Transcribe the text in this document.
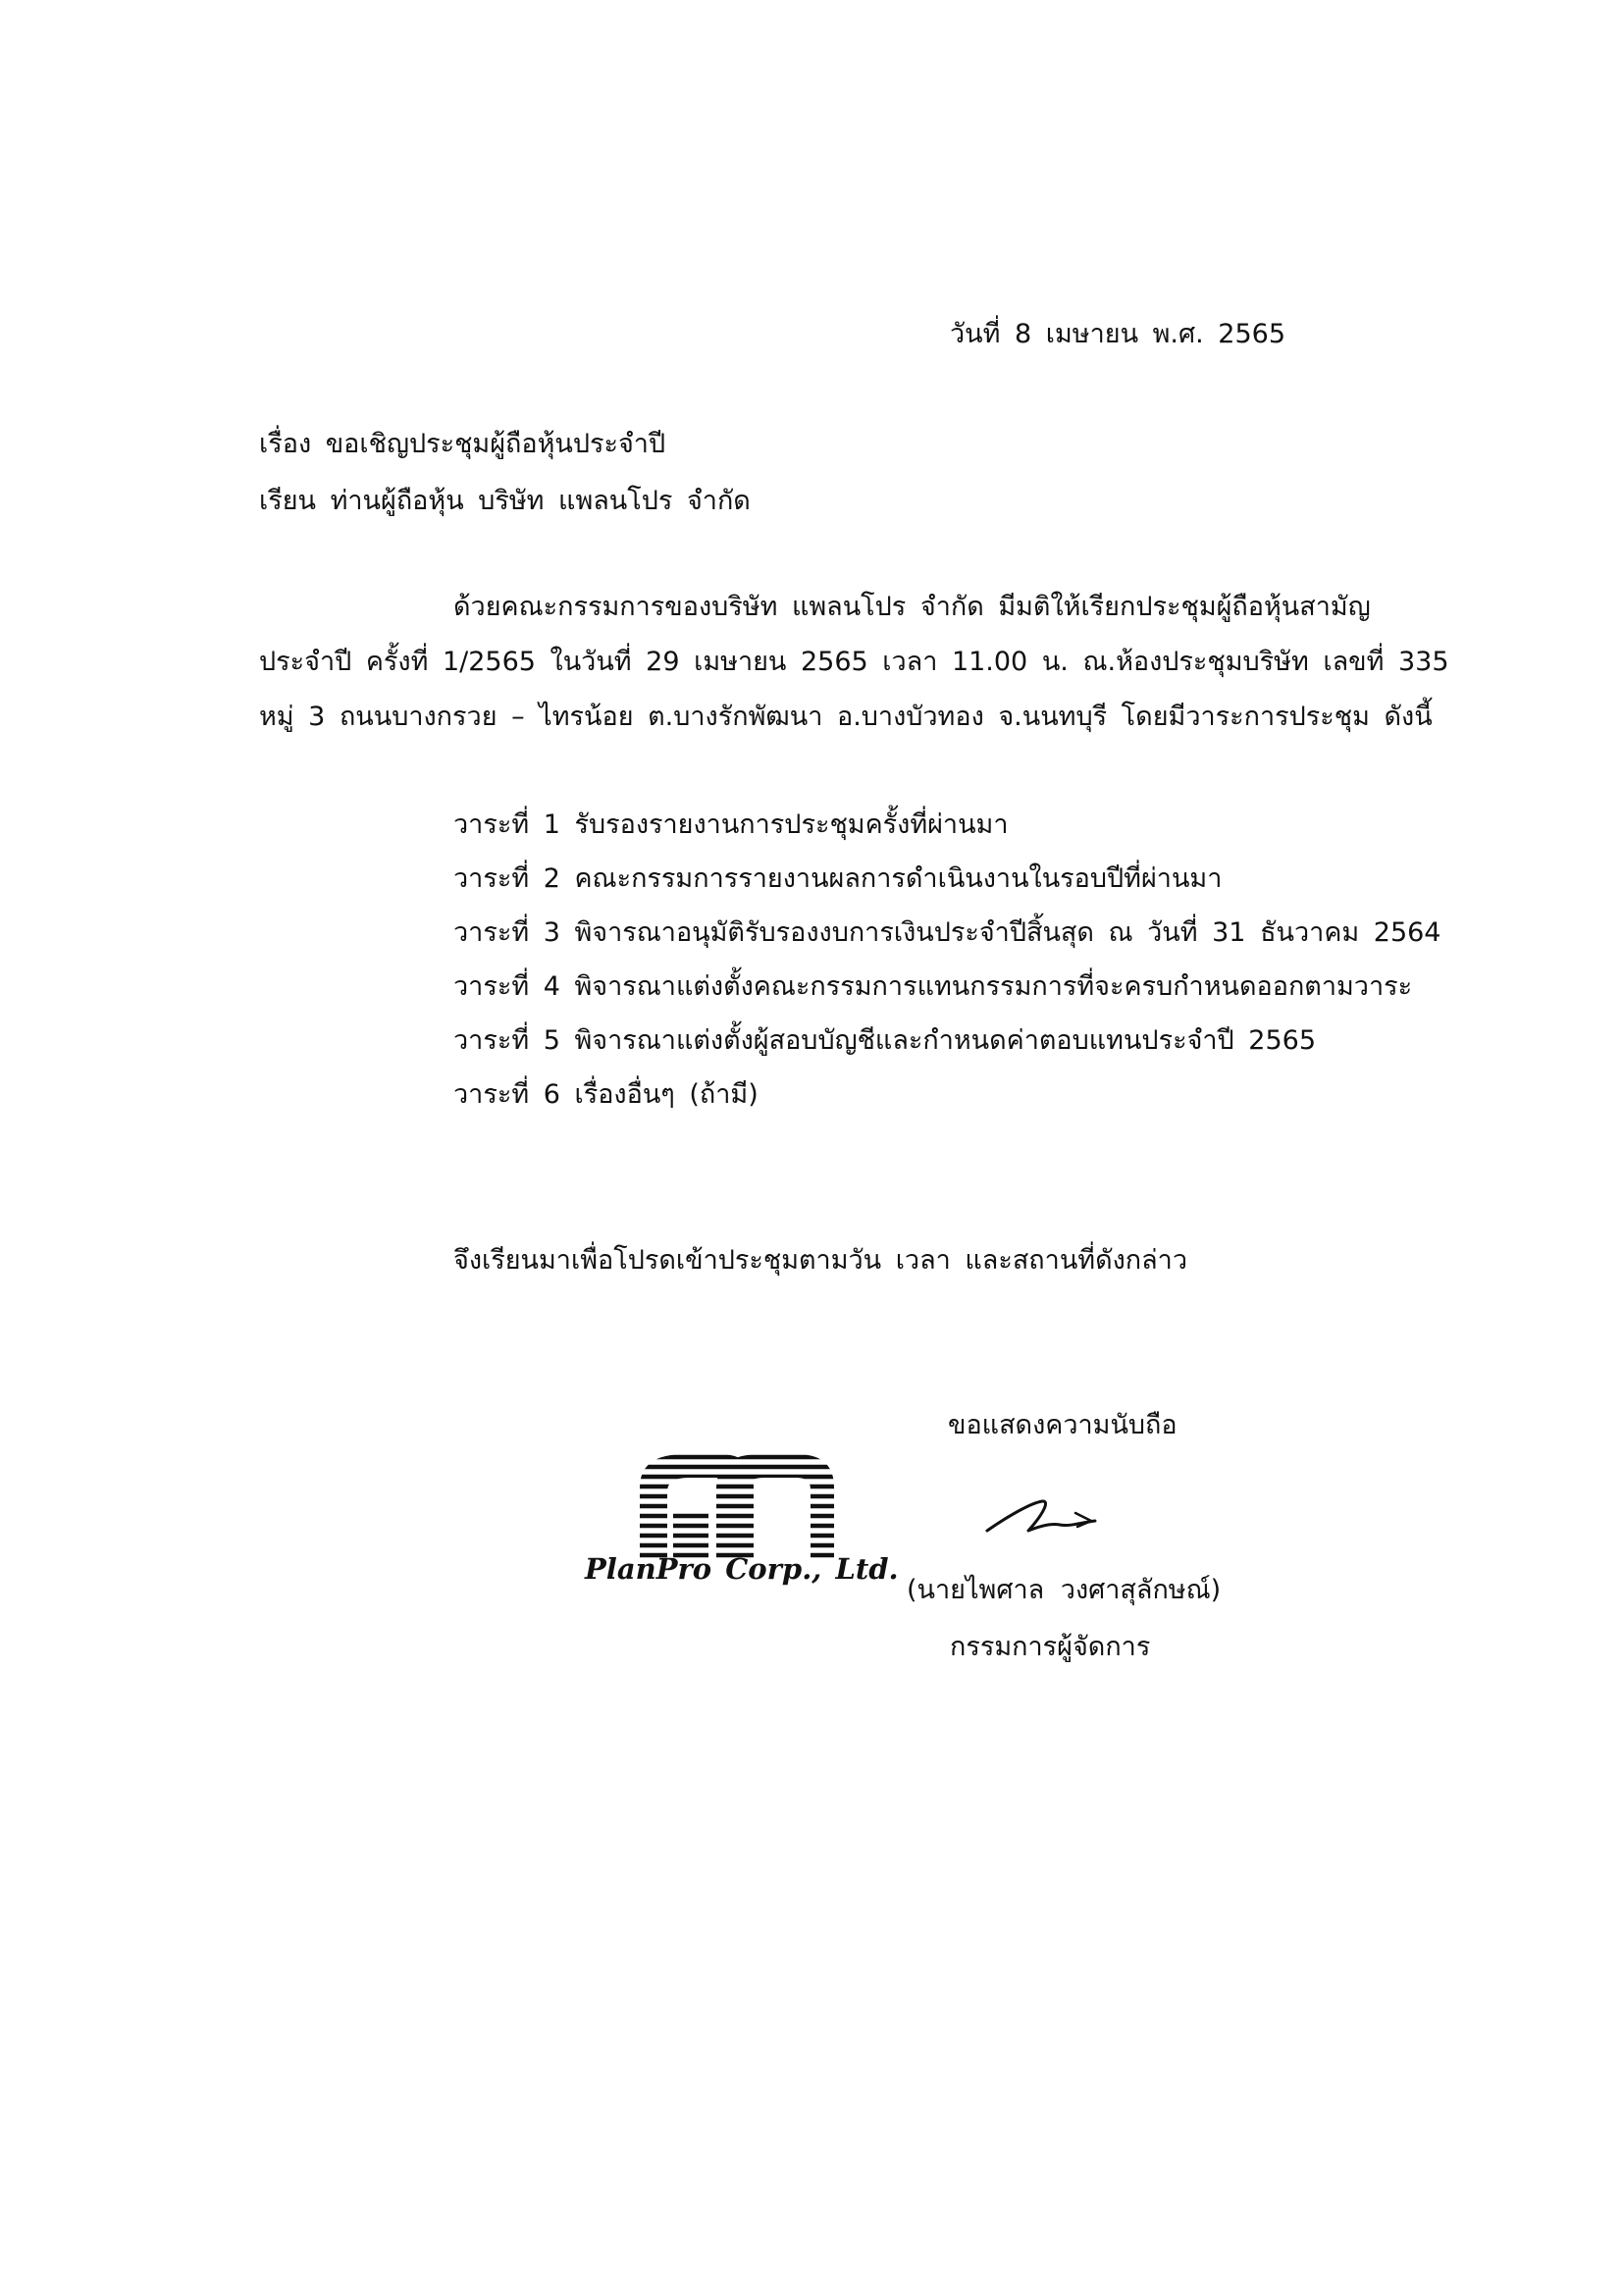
วันที่ 8 เมษายน พ.ศ. 2565
เรื่อง ขอเชิญประชุมผู้ถือหุ้นประจำปี
เรียน ท่านผู้ถือหุ้น บริษัท แพลนโปร จำกัด
ด้วยคณะกรรมการของบริษัท แพลนโปร จำกัด มีมติให้เรียกประชุมผู้ถือหุ้นสามัญ
ประจำปี ครั้งที่ 1/2565 ในวันที่ 29 เมษายน 2565 เวลา 11.00 น. ณ.ห้องประชุมบริษัท เลขที่ 335
หมู่ 3 ถนนบางกรวย – ไทรน้อย ต.บางรักพัฒนา อ.บางบัวทอง จ.นนทบุรี โดยมีวาระการประชุม ดังนี้
วาระที่ 1 รับรองรายงานการประชุมครั้งที่ผ่านมา
วาระที่ 2 คณะกรรมการรายงานผลการดำเนินงานในรอบปีที่ผ่านมา
วาระที่ 3 พิจารณาอนุมัติรับรองงบการเงินประจำปีสิ้นสุด ณ วันที่ 31 ธันวาคม 2564
วาระที่ 4 พิจารณาแต่งตั้งคณะกรรมการแทนกรรมการที่จะครบกำหนดออกตามวาระ
วาระที่ 5 พิจารณาแต่งตั้งผู้สอบบัญชีและกำหนดค่าตอบแทนประจำปี 2565
วาระที่ 6 เรื่องอื่นๆ (ถ้ามี)
จึงเรียนมาเพื่อโปรดเข้าประชุมตามวัน เวลา และสถานที่ดังกล่าว
ขอแสดงความนับถือ
PlanPro Corp., Ltd.
(นายไพศาล วงศาสุลักษณ์)
กรรมการผู้จัดการ
